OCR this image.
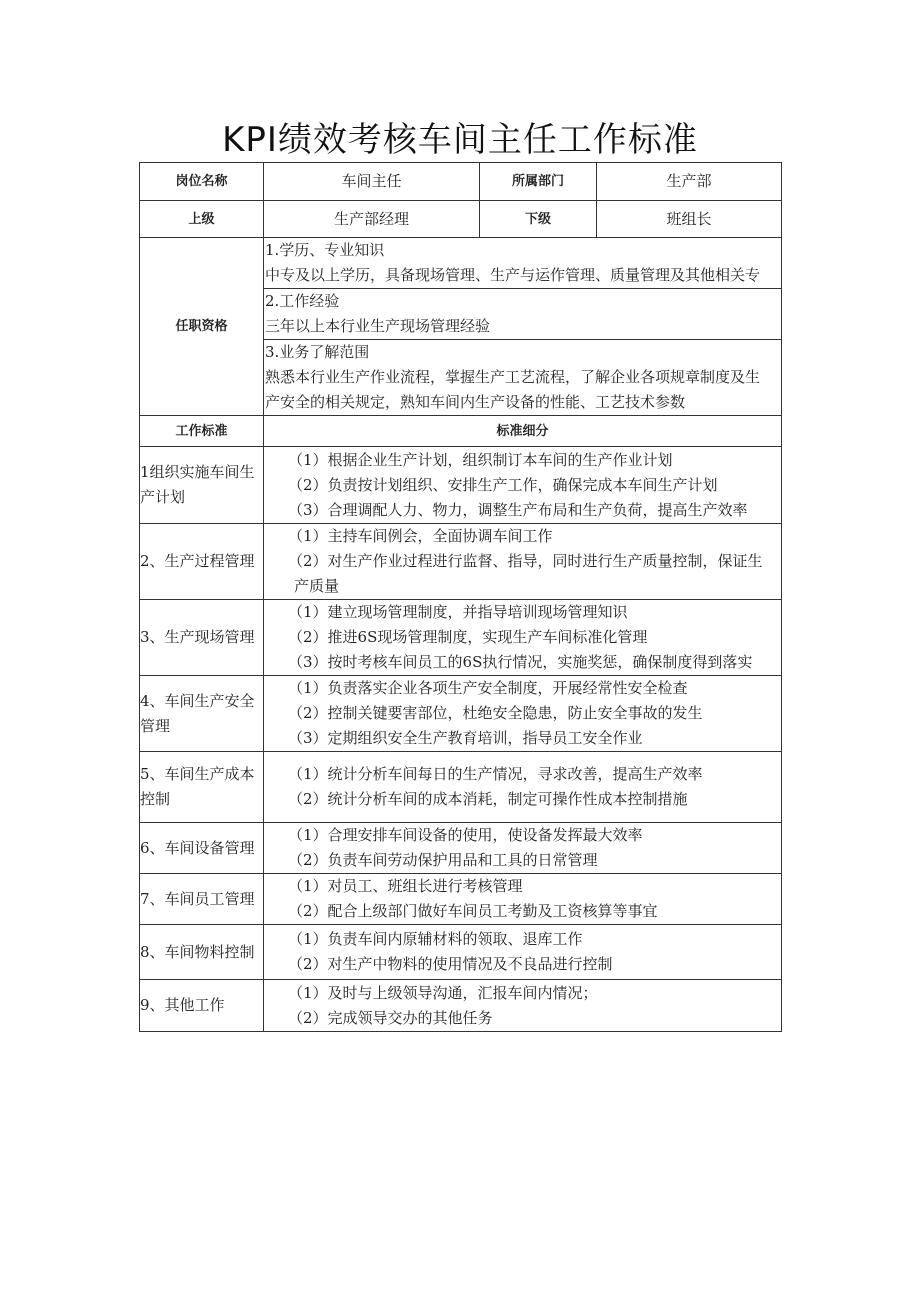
KPI绩效考核车间主任工作标准
岗位名称	车间主任	所属部门	生产部
上级	生产部经理	下级	班组长
任职资格	1.学历、专业知识
中专及以上学历，具备现场管理、生产与运作管理、质量管理及其他相关专		

	2.工作经验
三年以上本行业生产现场管理经验		

	3.业务了解范围
熟悉本行业生产作业流程，掌握生产工艺流程，了解企业各项规章制度及生
产安全的相关规定，熟知车间内生产设备的性能、工艺技术参数		

工作标准	标准细分		
1组织实施车间生产计划	（1）根据企业生产计划，组织制订本车间的生产作业计划
（2）负责按计划组织、安排生产工作，确保完成本车间生产计划
（3）合理调配人力、物力，调整生产布局和生产负荷，提高生产效率		

2、生产过程管理	（1）主持车间例会，全面协调车间工作
（2）对生产作业过程进行监督、指导，同时进行生产质量控制，保证生
产质量		

3、生产现场管理	（1）建立现场管理制度，并指导培训现场管理知识
（2）推进6S现场管理制度，实现生产车间标准化管理
（3）按时考核车间员工的6S执行情况，实施奖惩，确保制度得到落实		

4、车间生产安全管理	（1）负责落实企业各项生产安全制度，开展经常性安全检查
（2）控制关键要害部位，杜绝安全隐患，防止安全事故的发生
（3）定期组织安全生产教育培训，指导员工安全作业		

5、车间生产成本控制	（1）统计分析车间每日的生产情况，寻求改善，提高生产效率
（2）统计分析车间的成本消耗，制定可操作性成本控制措施		

6、车间设备管理	（1）合理安排车间设备的使用，使设备发挥最大效率
（2）负责车间劳动保护用品和工具的日常管理		

7、车间员工管理	（1）对员工、班组长进行考核管理
（2）配合上级部门做好车间员工考勤及工资核算等事宜		

8、车间物料控制	（1）负责车间内原辅材料的领取、退库工作
（2）对生产中物料的使用情况及不良品进行控制		

9、其他工作	（1）及时与上级领导沟通，汇报车间内情况；
（2）完成领导交办的其他任务		
